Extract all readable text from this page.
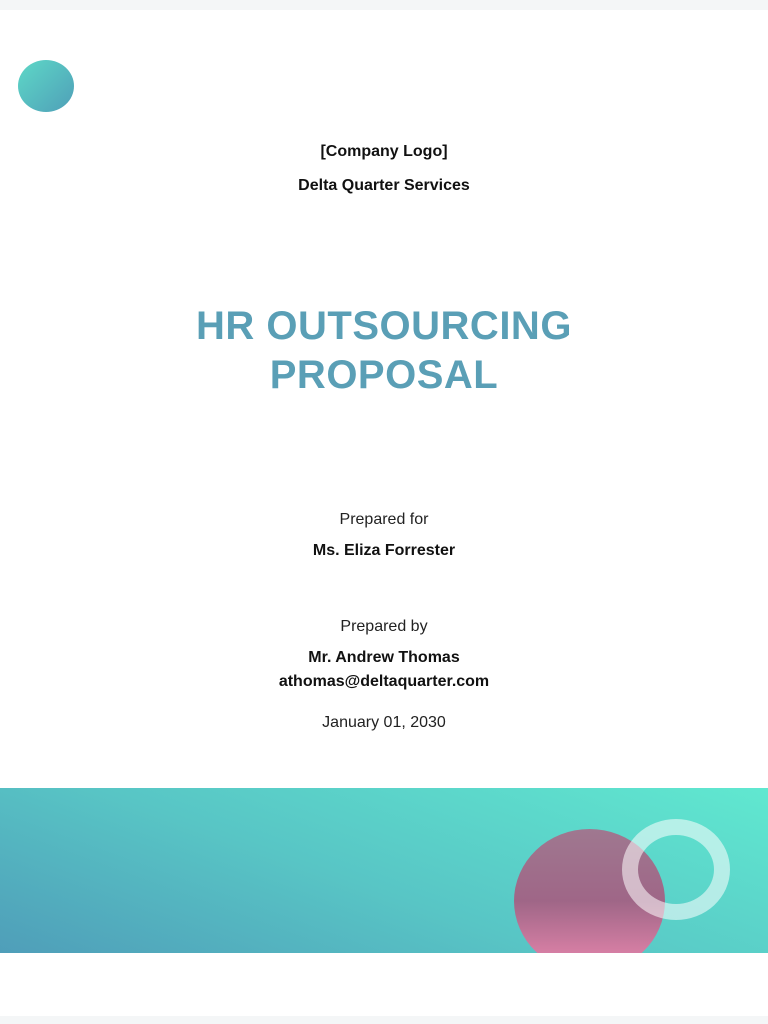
[Company Logo]
Delta Quarter Services
HR OUTSOURCING
PROPOSAL
Prepared for
Ms. Eliza Forrester
Prepared by
Mr. Andrew Thomas
athomas@deltaquarter.com
January 01, 2030
